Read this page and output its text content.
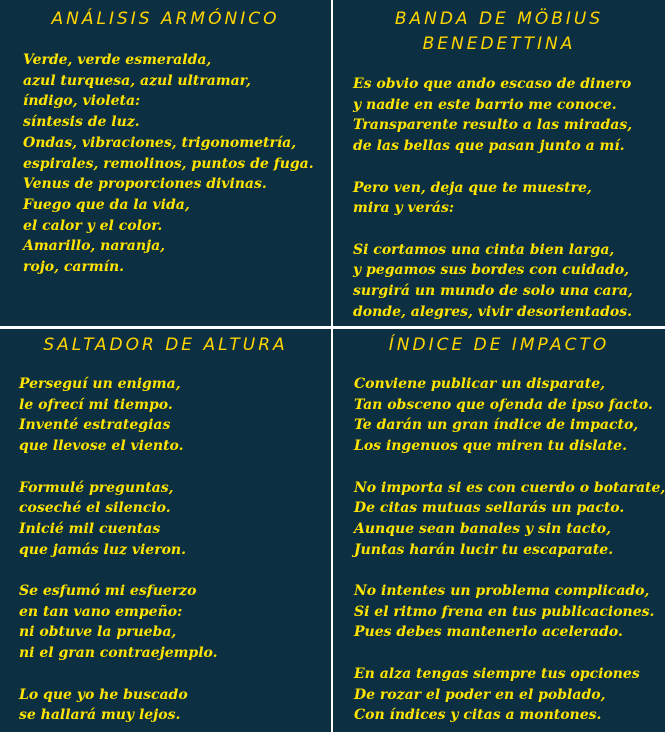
ANÁLISIS ARMÓNICO
Verde, verde esmeralda,
azul turquesa, azul ultramar,
índigo, violeta:
síntesis de luz.
Ondas, vibraciones, trigonometría,
espirales, remolinos, puntos de fuga.
Venus de proporciones divinas.
Fuego que da la vida,
el calor y el color.
Amarillo, naranja,
rojo, carmín.
BANDA DE MÖBIUS
BENEDETTINA
Es obvio que ando escaso de dinero
y nadie en este barrio me conoce.
Transparente resulto a las miradas,
de las bellas que pasan junto a mí.

Pero ven, deja que te muestre,
mira y verás:

Si cortamos una cinta bien larga,
y pegamos sus bordes con cuidado,
surgirá un mundo de solo una cara,
donde, alegres, vivir desorientados.
SALTADOR DE ALTURA
Perseguí un enigma,
le ofrecí mi tiempo.
Inventé estrategias
que llevose el viento.

Formulé preguntas,
coseché el silencio.
Inicié mil cuentas
que jamás luz vieron.

Se esfumó mi esfuerzo
en tan vano empeño:
ni obtuve la prueba,
ni el gran contraejemplo.

Lo que yo he buscado
se hallará muy lejos.
ÍNDICE DE IMPACTO
Conviene publicar un disparate,
Tan obsceno que ofenda de ipso facto.
Te darán un gran índice de impacto,
Los ingenuos que miren tu dislate.

No importa si es con cuerdo o botarate,
De citas mutuas sellarás un pacto.
Aunque sean banales y sin tacto,
Juntas harán lucir tu escaparate.

No intentes un problema complicado,
Si el ritmo frena en tus publicaciones.
Pues debes mantenerlo acelerado.

En alza tengas siempre tus opciones
De rozar el poder en el poblado,
Con índices y citas a montones.
